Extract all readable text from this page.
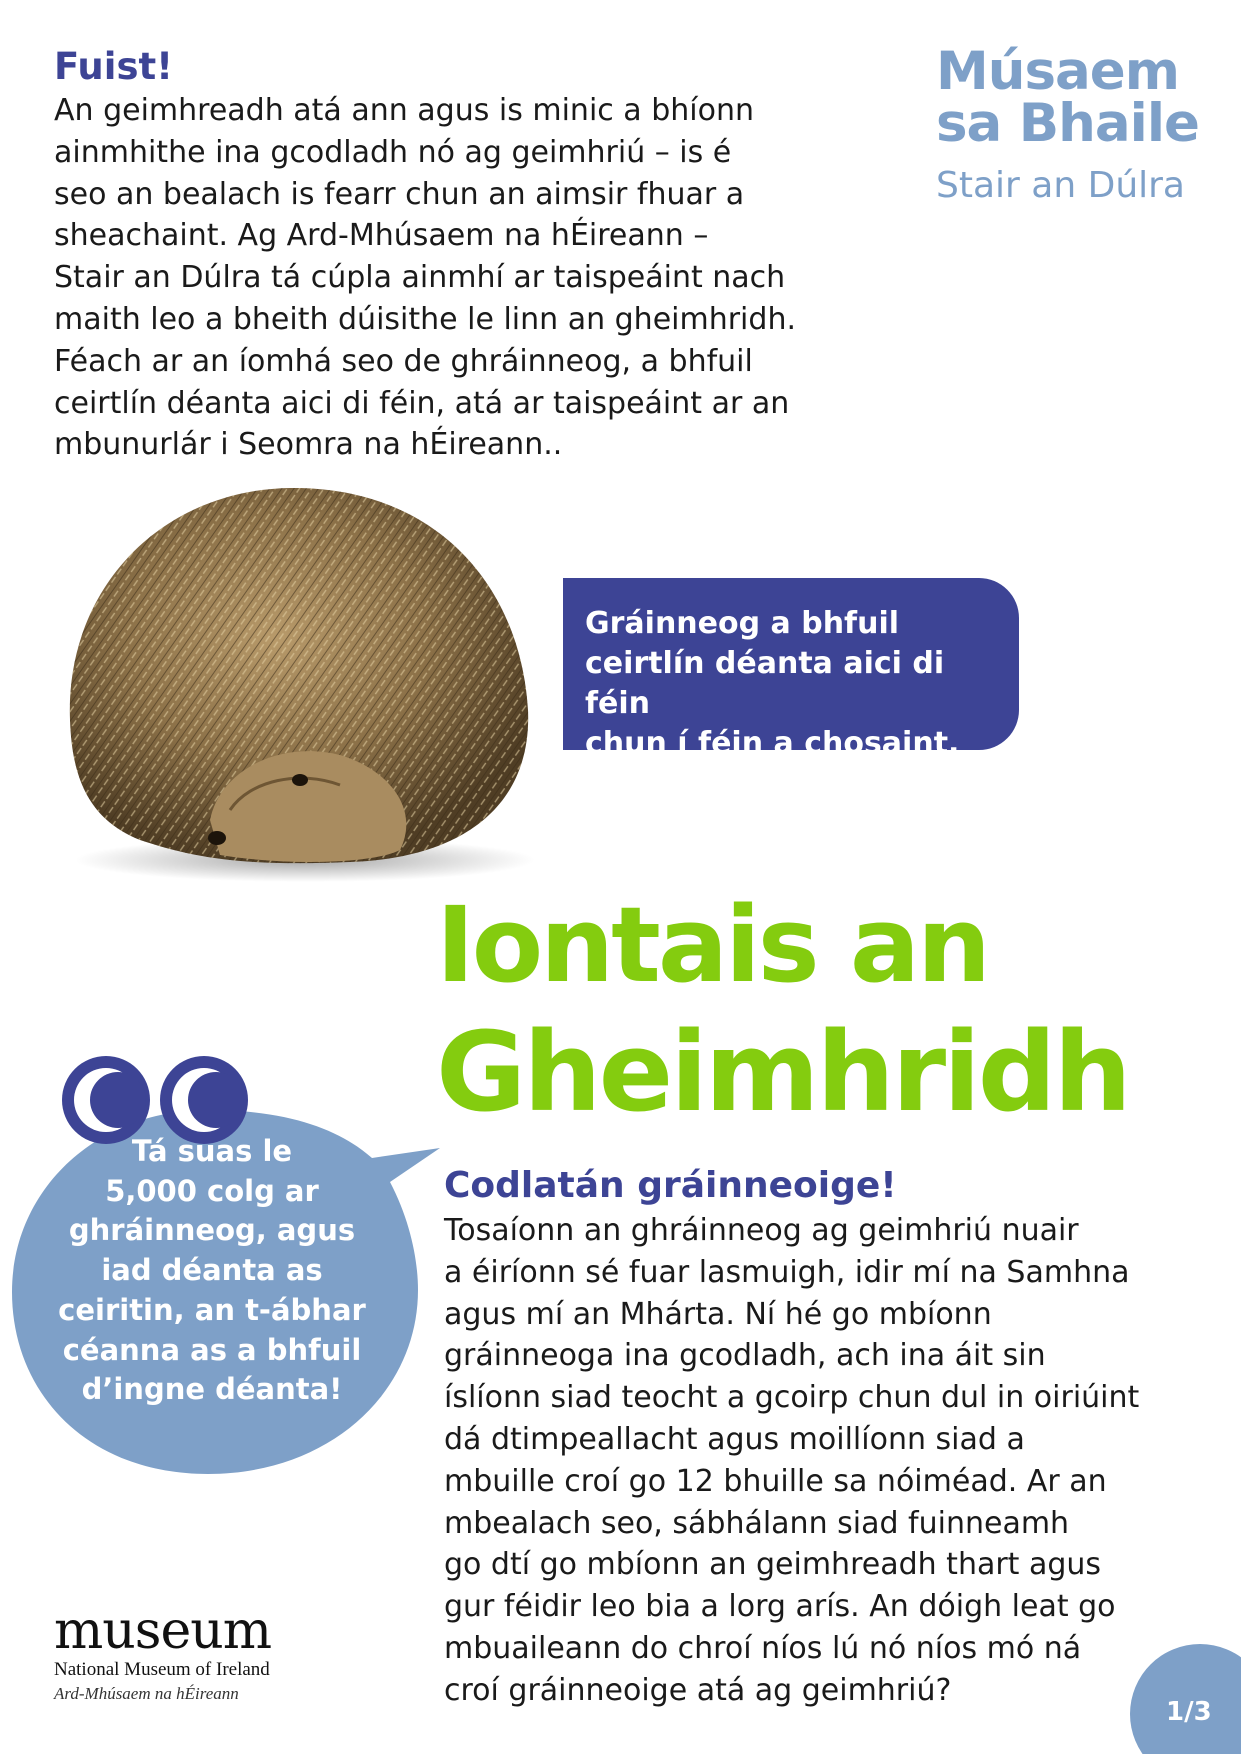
Fuist!
An geimhreadh atá ann agus is minic a bhíonn
ainmhithe ina gcodladh nó ag geimhriú – is é
seo an bealach is fearr chun an aimsir fhuar a
sheachaint. Ag Ard-Mhúsaem na hÉireann –
Stair an Dúlra tá cúpla ainmhí ar taispeáint nach
maith leo a bheith dúisithe le linn an gheimhridh.
Féach ar an íomhá seo de ghráinneog, a bhfuil
ceirtlín déanta aici di féin, atá ar taispeáint ar an
mbunurlár i Seomra na hÉireann..
Músaem
sa Bhaile
Stair an Dúlra
Gráinneog a bhfuil
ceirtlín déanta aici di féin
chun í féin a chosaint.
Iontais an
Gheimhridh
Tá suas le
5,000 colg ar
ghráinneog, agus
iad déanta as
ceiritin, an t-ábhar
céanna as a bhfuil
d’ingne déanta!
Codlatán gráinneoige!
Tosaíonn an ghráinneog ag geimhriú nuair
a éiríonn sé fuar lasmuigh, idir mí na Samhna
agus mí an Mhárta. Ní hé go mbíonn
gráinneoga ina gcodladh, ach ina áit sin
íslíonn siad teocht a gcoirp chun dul in oiriúint
dá dtimpeallacht agus moillíonn siad a
mbuille croí go 12 bhuille sa nóiméad. Ar an
mbealach seo, sábhálann siad fuinneamh
go dtí go mbíonn an geimhreadh thart agus
gur féidir leo bia a lorg arís. An dóigh leat go
mbuaileann do chroí níos lú nó níos mó ná
croí gráinneoige atá ag geimhriú?
museum
National Museum of Ireland
Ard-Mhúsaem na hÉireann
1/3
